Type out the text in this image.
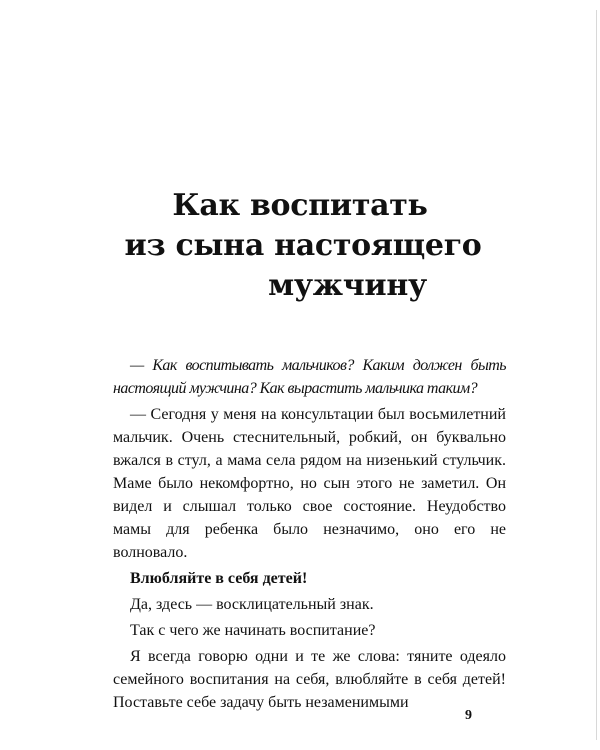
Как воспитать
из сына настоящего
мужчину

— Как воспитывать мальчиков? Каким должен быть настоящий мужчина? Как вырастить мальчика таким?

— Сегодня у меня на консультации был восьмилетний мальчик. Очень стеснительный, робкий, он буквально вжался в стул, а мама села рядом на низенький стульчик. Маме было некомфортно, но сын этого не заметил. Он видел и слышал только свое состояние. Неудобство мамы для ребенка было незначимо, оно его не волновало.

Влюбляйте в себя детей!

Да, здесь — восклицательный знак.

Так с чего же начинать воспитание?

Я всегда говорю одни и те же слова: тяните одеяло семейного воспитания на себя, влюбляйте в себя детей! Поставьте себе задачу быть незаменимыми

9
